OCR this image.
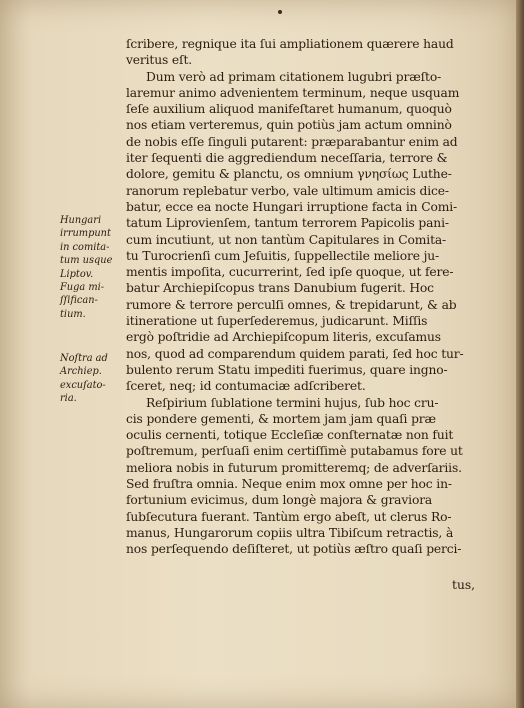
ſcribere, regnique ita ſui ampliationem quærere haud
veritus eſt.
Dum verò ad primam citationem lugubri præſto-
laremur animo advenientem terminum, neque usquam
ſeſe auxilium aliquod manifeſtaret humanum, quoquò
nos etiam verteremus, quin potiùs jam actum omninò
de nobis eſſe ſinguli putarent: præparabantur enim ad
iter ſequenti die aggrediendum neceſſaria, terrore &
dolore, gemitu & planctu, os omnium γνησίως Luthe-
ranorum replebatur verbo, vale ultimum amicis dice-
batur, ecce ea nocte Hungari irruptione facta in Comi-
tatum Liprovienſem, tantum terrorem Papicolis pani-
cum incutiunt, ut non tantùm Capitulares in Comita-
tu Turocrienſi cum Jeſuitis, ſuppellectile meliore ju-
mentis impoſita, cucurrerint, ſed ipſe quoque, ut fere-
batur Archiepiſcopus trans Danubium fugerit. Hoc
rumore & terrore perculſi omnes, & trepidarunt, & ab
itineratione ut ſuperſederemus, judicarunt. Miſſis
ergò poſtridie ad Archiepiſcopum literis, excuſamus
nos, quod ad comparendum quidem parati, ſed hoc tur-
bulento rerum Statu impediti fuerimus, quare ingno-
ſceret, neq; id contumaciæ adſcriberet.
Reſpirium ſublatione termini hujus, ſub hoc cru-
cis pondere gementi, & mortem jam jam quaſi præ
oculis cernenti, totique Eccleſiæ conſternatæ non fuit
poſtremum, perſuaſi enim certiſſimè putabamus fore ut
meliora nobis in futurum promitteremq; de adverſariis.
Sed fruſtra omnia. Neque enim mox omne per hoc in-
fortunium evicimus, dum longè majora & graviora
ſubſecutura fuerant. Tantùm ergo abeſt, ut clerus Ro-
manus, Hungarorum copiis ultra Tibiſcum retractis, à
nos perſequendo deſiſteret, ut potiùs æſtro quaſi perci-
tus,
Hungari
irrumpunt
in comita-
tum usque
Liptov.
Fuga mi-
ſſifican-
tium.
Noſtra ad
Archiep.
excuſato-
ria.
